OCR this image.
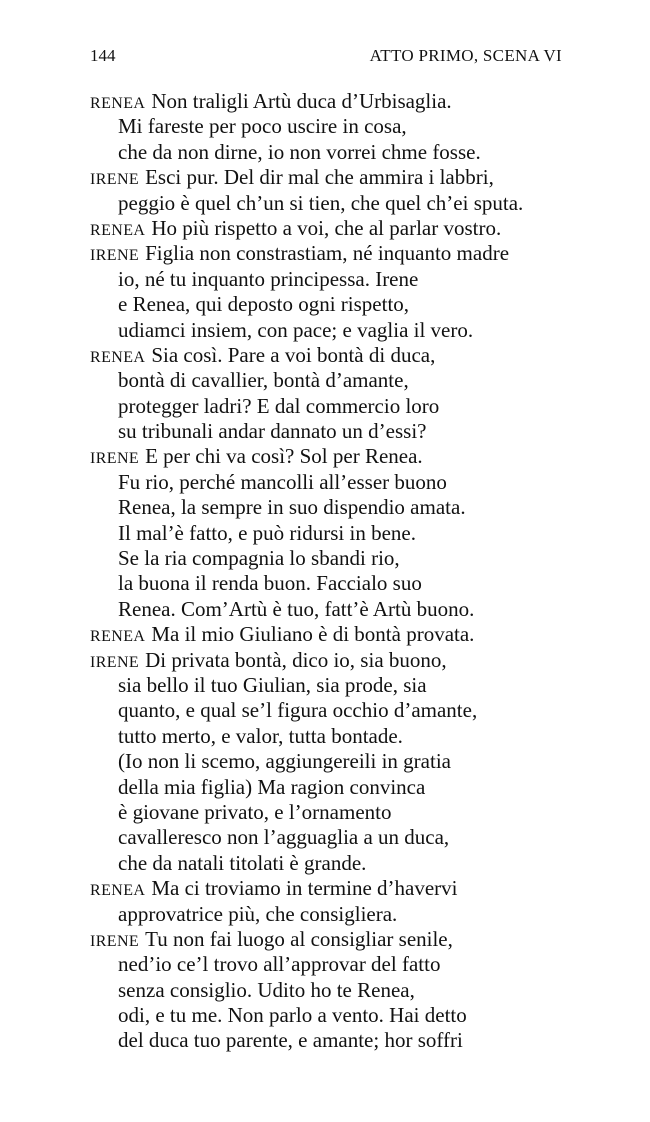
144	ATTO PRIMO, SCENA VI
RENEA Non traligli Artù duca d’Urbisaglia.
Mi fareste per poco uscire in cosa,
che da non dirne, io non vorrei chme fosse.
IRENE Esci pur. Del dir mal che ammira i labbri,
peggio è quel ch’un si tien, che quel ch’ei sputa.
RENEA Ho più rispetto a voi, che al parlar vostro.
IRENE Figlia non constrastiam, né inquanto madre
io, né tu inquanto principessa. Irene
e Renea, qui deposto ogni rispetto,
udiamci insiem, con pace; e vaglia il vero.
RENEA Sia così. Pare a voi bontà di duca,
bontà di cavallier, bontà d’amante,
protegger ladri? E dal commercio loro
su tribunali andar dannato un d’essi?
IRENE E per chi va così? Sol per Renea.
Fu rio, perché mancolli all’esser buono
Renea, la sempre in suo dispendio amata.
Il mal’è fatto, e può ridursi in bene.
Se la ria compagnia lo sbandi rio,
la buona il renda buon. Faccialo suo
Renea. Com’Artù è tuo, fatt’è Artù buono.
RENEA Ma il mio Giuliano è di bontà provata.
IRENE Di privata bontà, dico io, sia buono,
sia bello il tuo Giulian, sia prode, sia
quanto, e qual se’l figura occhio d’amante,
tutto merto, e valor, tutta bontade.
(Io non li scemo, aggiungereili in gratia
della mia figlia) Ma ragion convinca
è giovane privato, e l’ornamento
cavalleresco non l’agguaglia a un duca,
che da natali titolati è grande.
RENEA Ma ci troviamo in termine d’havervi
approvatrice più, che consigliera.
IRENE Tu non fai luogo al consigliar senile,
ned’io ce’l trovo all’approvar del fatto
senza consiglio. Udito ho te Renea,
odi, e tu me. Non parlo a vento. Hai detto
del duca tuo parente, e amante; hor soffri
